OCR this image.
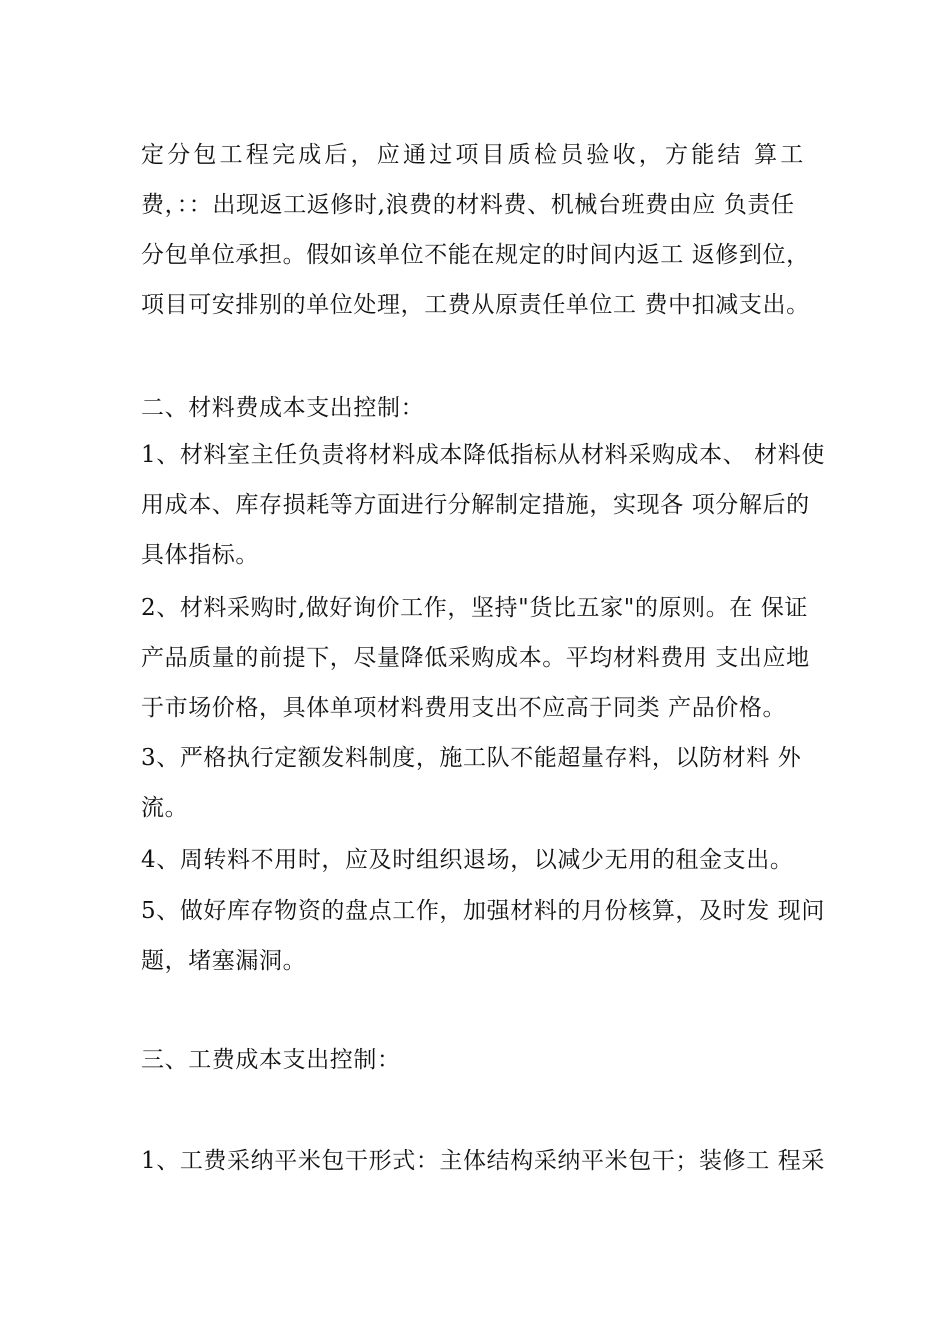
定分包工程完成后，应通过项目质检员验收，方能结 算工
费，：：出现返工返修时,浪费的材料费、机械台班费由应 负责任
分包单位承担。假如该单位不能在规定的时间内返工 返修到位，
项目可安排别的单位处理，工费从原责任单位工 费中扣减支出。
二、材料费成本支出控制：
1、材料室主任负责将材料成本降低指标从材料采购成本、 材料使
用成本、库存损耗等方面进行分解制定措施，实现各 项分解后的
具体指标。
2、材料采购时,做好询价工作，坚持"货比五家"的原则。在 保证
产品质量的前提下，尽量降低采购成本。平均材料费用 支出应地
于市场价格，具体单项材料费用支出不应高于同类 产品价格。
3、严格执行定额发料制度，施工队不能超量存料，以防材料 外
流。
4、周转料不用时，应及时组织退场，以减少无用的租金支出。
5、做好库存物资的盘点工作，加强材料的月份核算，及时发 现问
题，堵塞漏洞。
三、工费成本支出控制：
1、工费采纳平米包干形式：主体结构采纳平米包干；装修工 程采
